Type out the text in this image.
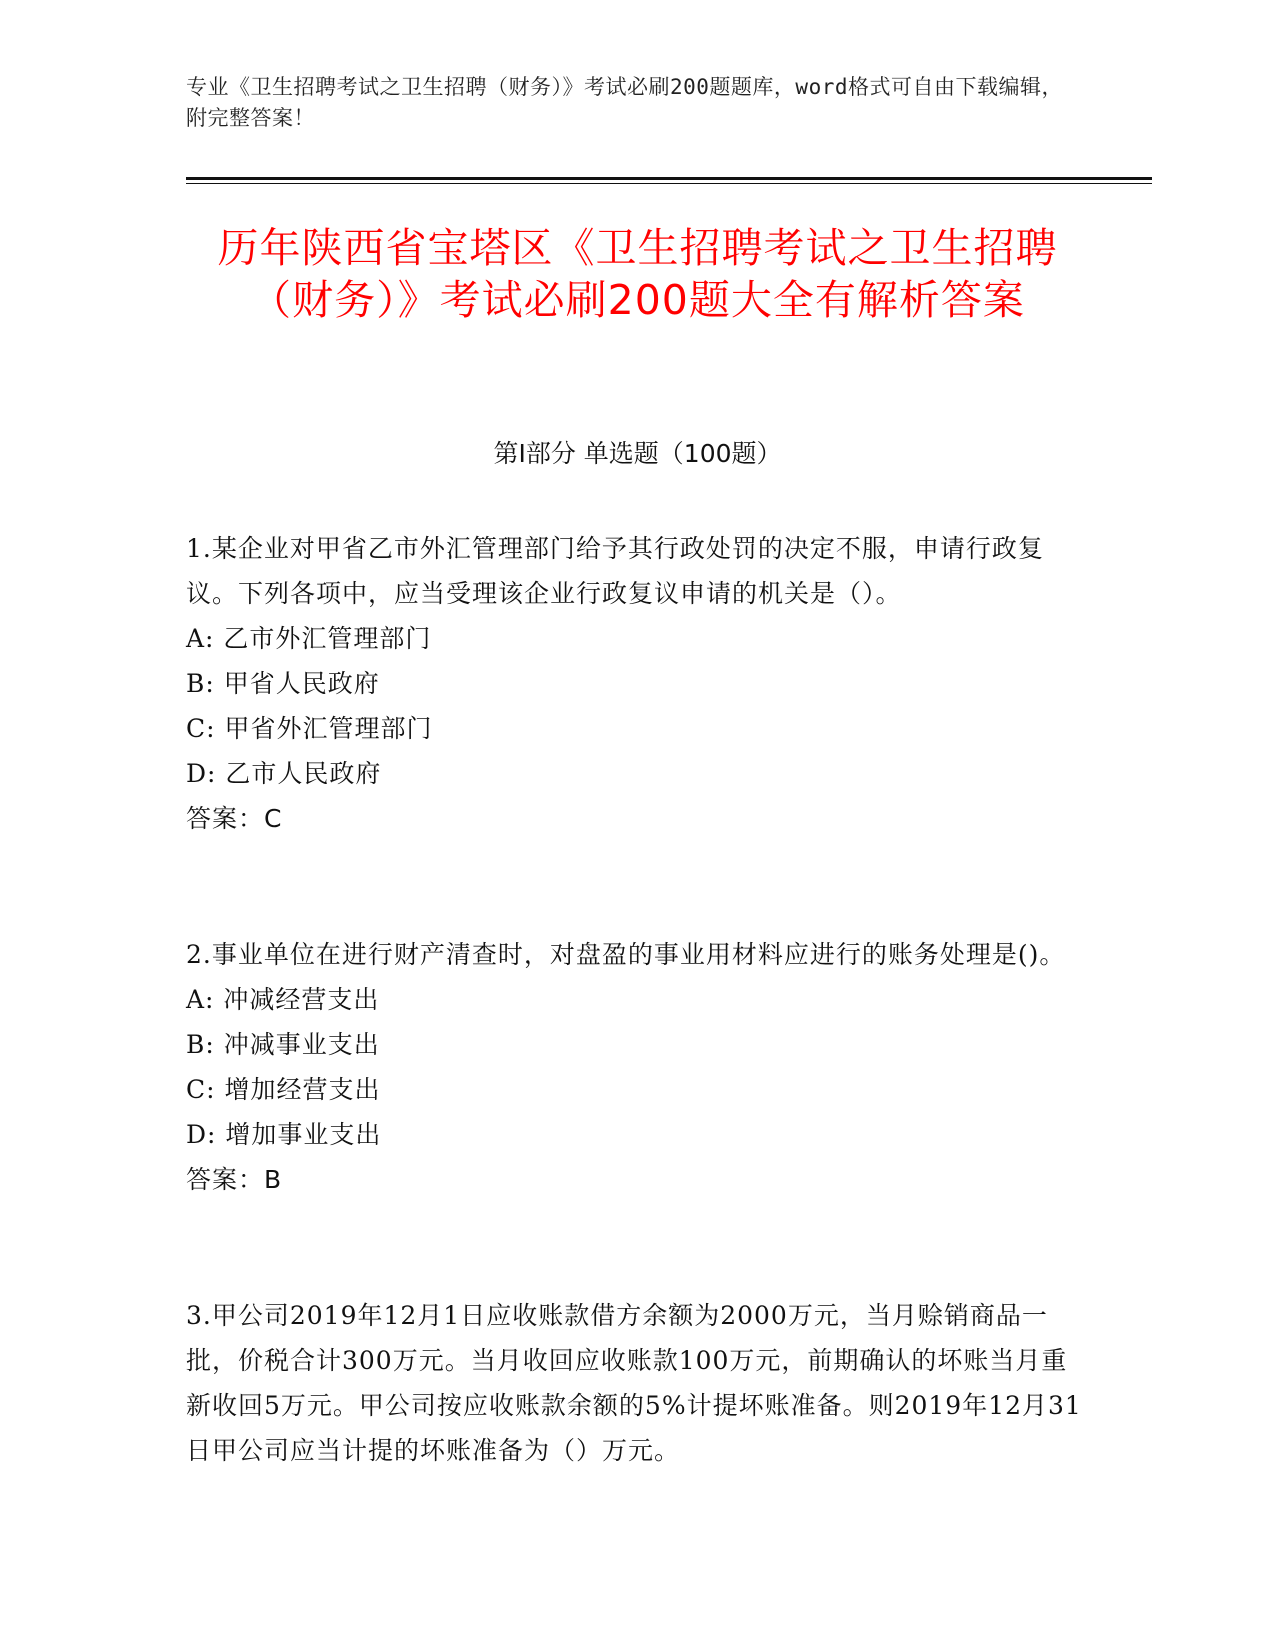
专业《卫生招聘考试之卫生招聘（财务）》考试必刷200题题库，word格式可自由下载编辑，附完整答案！
历年陕西省宝塔区《卫生招聘考试之卫生招聘（财务）》考试必刷200题大全有解析答案
第Ⅰ部分 单选题（100题）
1.某企业对甲省乙市外汇管理部门给予其行政处罚的决定不服，申请行政复议。下列各项中，应当受理该企业行政复议申请的机关是（）。
A: 乙市外汇管理部门
B: 甲省人民政府
C: 甲省外汇管理部门
D: 乙市人民政府
答案：C
2.事业单位在进行财产清查时，对盘盈的事业用材料应进行的账务处理是()。
A: 冲减经营支出
B: 冲减事业支出
C: 增加经营支出
D: 增加事业支出
答案：B
3.甲公司2019年12月1日应收账款借方余额为2000万元，当月赊销商品一批，价税合计300万元。当月收回应收账款100万元，前期确认的坏账当月重新收回5万元。甲公司按应收账款余额的5%计提坏账准备。则2019年12月31日甲公司应当计提的坏账准备为（）万元。
